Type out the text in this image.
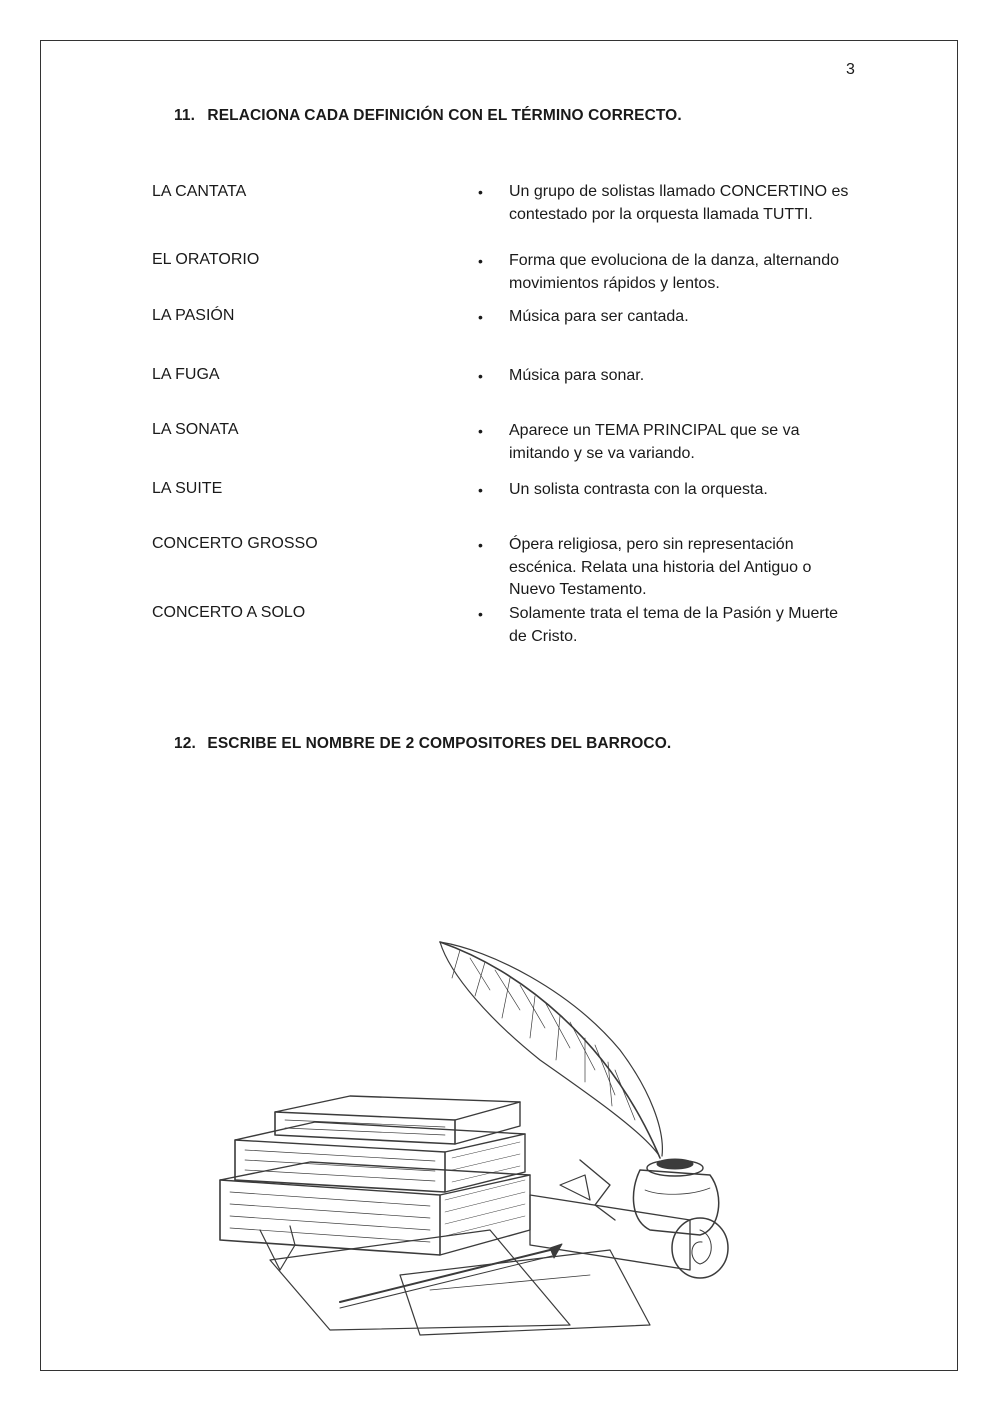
3
11. RELACIONA CADA DEFINICIÓN CON EL TÉRMINO CORRECTO.
LA CANTATA
EL ORATORIO
LA PASIÓN
LA FUGA
LA SONATA
LA SUITE
CONCERTO GROSSO
CONCERTO A SOLO
• Un grupo de solistas llamado CONCERTINO es contestado por la orquesta llamada TUTTI.
• Forma que evoluciona de la danza, alternando movimientos rápidos y lentos.
• Música para ser cantada.
• Música para sonar.
• Aparece un TEMA PRINCIPAL que se va imitando y se va variando.
• Un solista contrasta con la orquesta.
• Ópera religiosa, pero sin representación escénica. Relata una historia del Antiguo o Nuevo Testamento.
• Solamente trata el tema de la Pasión y Muerte de Cristo.
12. ESCRIBE EL NOMBRE DE 2 COMPOSITORES DEL BARROCO.
